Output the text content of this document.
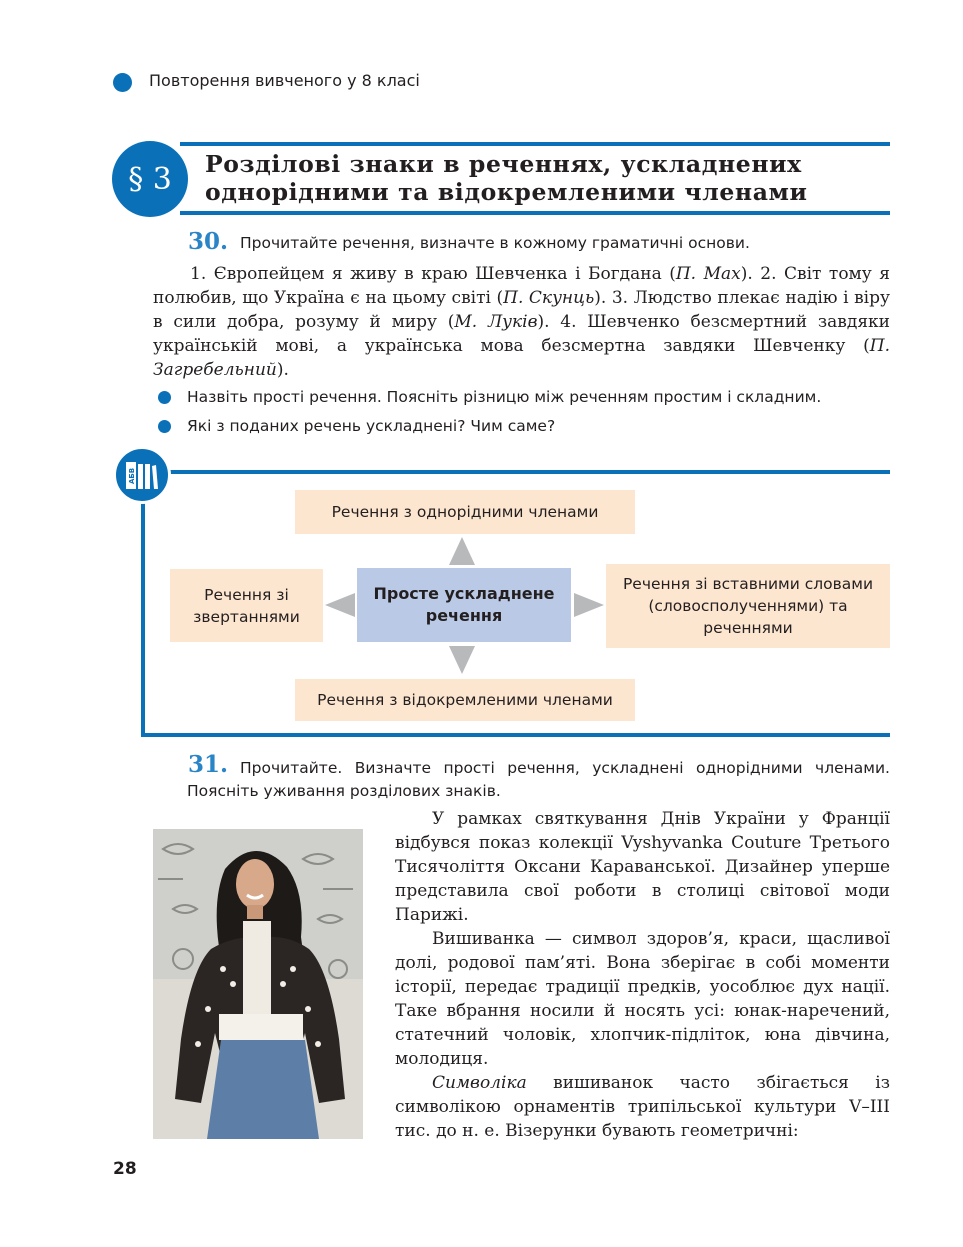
Повторення вивченого у 8 класі
§ 3 Розділові знаки в реченнях, ускладнених
однорідними та відокремленими членами
30. Прочитайте речення, визначте в кожному граматичні основи.

1. Європейцем я живу в краю Шевченка і Богдана (П. Мах). 2. Світ тому я полюбив, що Україна є на цьому світі (П. Скунць). 3. Людство плекає надію і віру в сили добра, розуму й миру (М. Луків). 4. Шевченко безсмертний завдяки українській мові, а українська мова безсмертна завдяки Шевченку (П. Загребельний).

Назвіть прості речення. Поясніть різницю між реченням простим і складним.
Які з поданих речень ускладнені? Чим саме?
АБВ
Речення з однорідними членами
Речення зі звертаннями
Просте ускладнене речення
Речення зі вставними словами (словосполученнями) та реченнями
Речення з відокремленими членами
31. Прочитайте. Визначте прості речення, ускладнені однорідними членами. Поясніть уживання розділових знаків.

У рамках святкування Днів України у Франції відбувся показ колекції Vyshyvanka Couture Третього Тисячоліття Оксани Караванської. Дизайнер уперше представила свої роботи в столиці світової моди Парижі.

Вишиванка — символ здоров’я, краси, щасливої долі, родової пам’яті. Вона зберігає в собі моменти історії, передає традиції предків, уособлює дух нації. Таке вбрання носили й носять усі: юнак-наречений, статечний чоловік, хлопчик-підліток, юна дівчина, молодиця.

Символіка вишиванок часто збігається із символікою орнаментів трипільської культури V–III тис. до н. е. Візерунки бувають геометричні:

28
